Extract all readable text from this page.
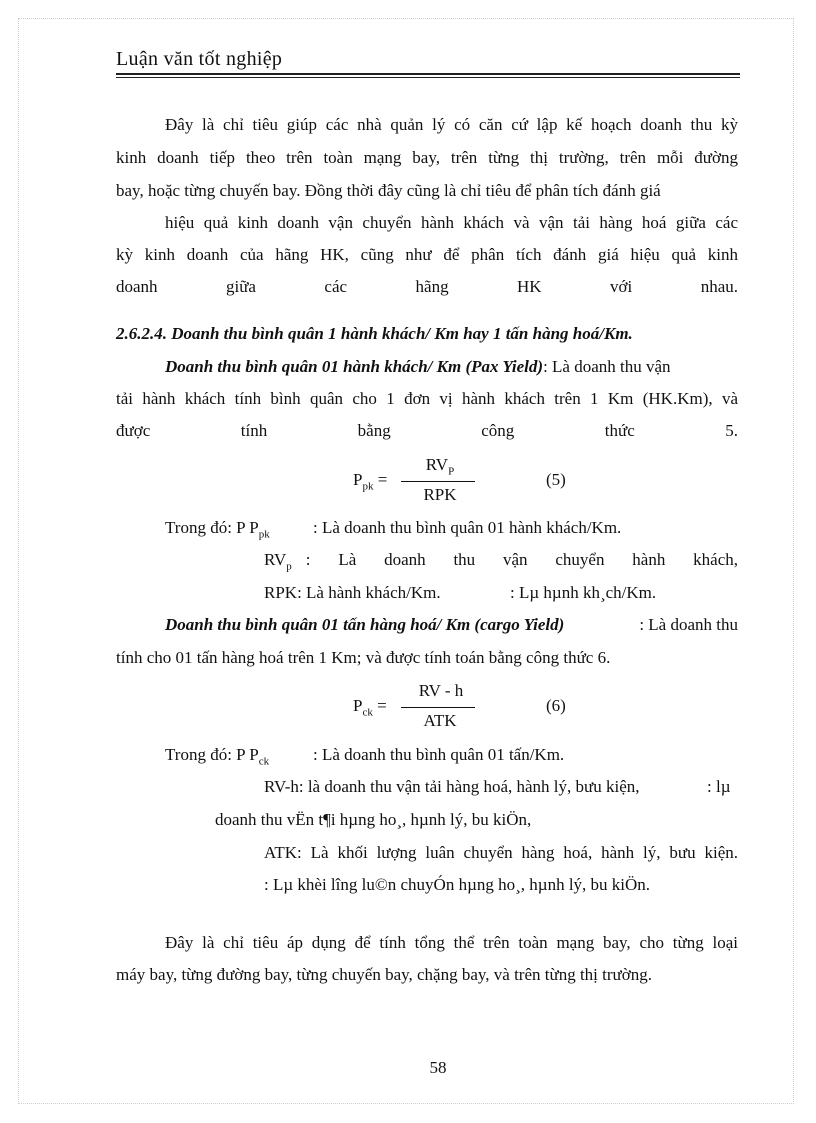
Luận văn tốt nghiệp
Đây là chỉ tiêu giúp các nhà quản lý có căn cứ lập kế hoạch doanh thu kỳ
kinh doanh tiếp theo trên toàn mạng bay, trên từng thị trường, trên mỗi đường
bay, hoặc từng chuyến bay. Đồng thời đây cũng là chỉ tiêu để phân tích đánh giá
hiệu quả kinh doanh vận chuyển hành khách và vận tải hàng hoá giữa các
kỳ kinh doanh của hãng HK, cũng như để phân tích đánh giá hiệu quả kinh
doanh giữa các hãng HK với nhau.
2.6.2.4. Doanh thu bình quân 1 hành khách/ Km hay 1 tấn hàng hoá/Km.
Doanh thu bình quân 01 hành khách/ Km (Pax Yield): Là doanh thu vận
tải hành khách tính bình quân cho 1 đơn vị hành khách trên 1 Km (HK.Km), và
được tính bằng công thức 5.
$P_{pk}$ =
$RV_P$
RPK
(5)
Trong đó: P $P_{pk}$	: Là doanh thu bình quân 01 hành khách/Km.
$RV_p$ : Là doanh thu vận chuyển hành khách,
RPK: Là hành khách/Km.	: Lµ hµnh kh¸ch/Km.
Doanh thu bình quân 01 tấn hàng hoá/ Km (cargo Yield)	: Là doanh thu
tính cho 01 tấn hàng hoá trên 1 Km; và được tính toán bằng công thức 6.
$P_{ck}$ =
RV - h
ATK
(6)
Trong đó: P $P_{ck}$	: Là doanh thu bình quân 01 tấn/Km.
RV-h: là doanh thu vận tải hàng hoá, hành lý, bưu kiện,	: lµ
doanh thu vËn t¶i hµng ho¸, hµnh lý, bu kiÖn,
ATK: Là khối lượng luân chuyển hàng hoá, hành lý, bưu kiện.
: Lµ khèi lîng lu©n chuyÓn hµng ho¸, hµnh lý, bu kiÖn.
Đây là chỉ tiêu áp dụng để tính tổng thể trên toàn mạng bay, cho từng loại
máy bay, từng đường bay, từng chuyến bay, chặng bay, và trên từng thị trường.
58
